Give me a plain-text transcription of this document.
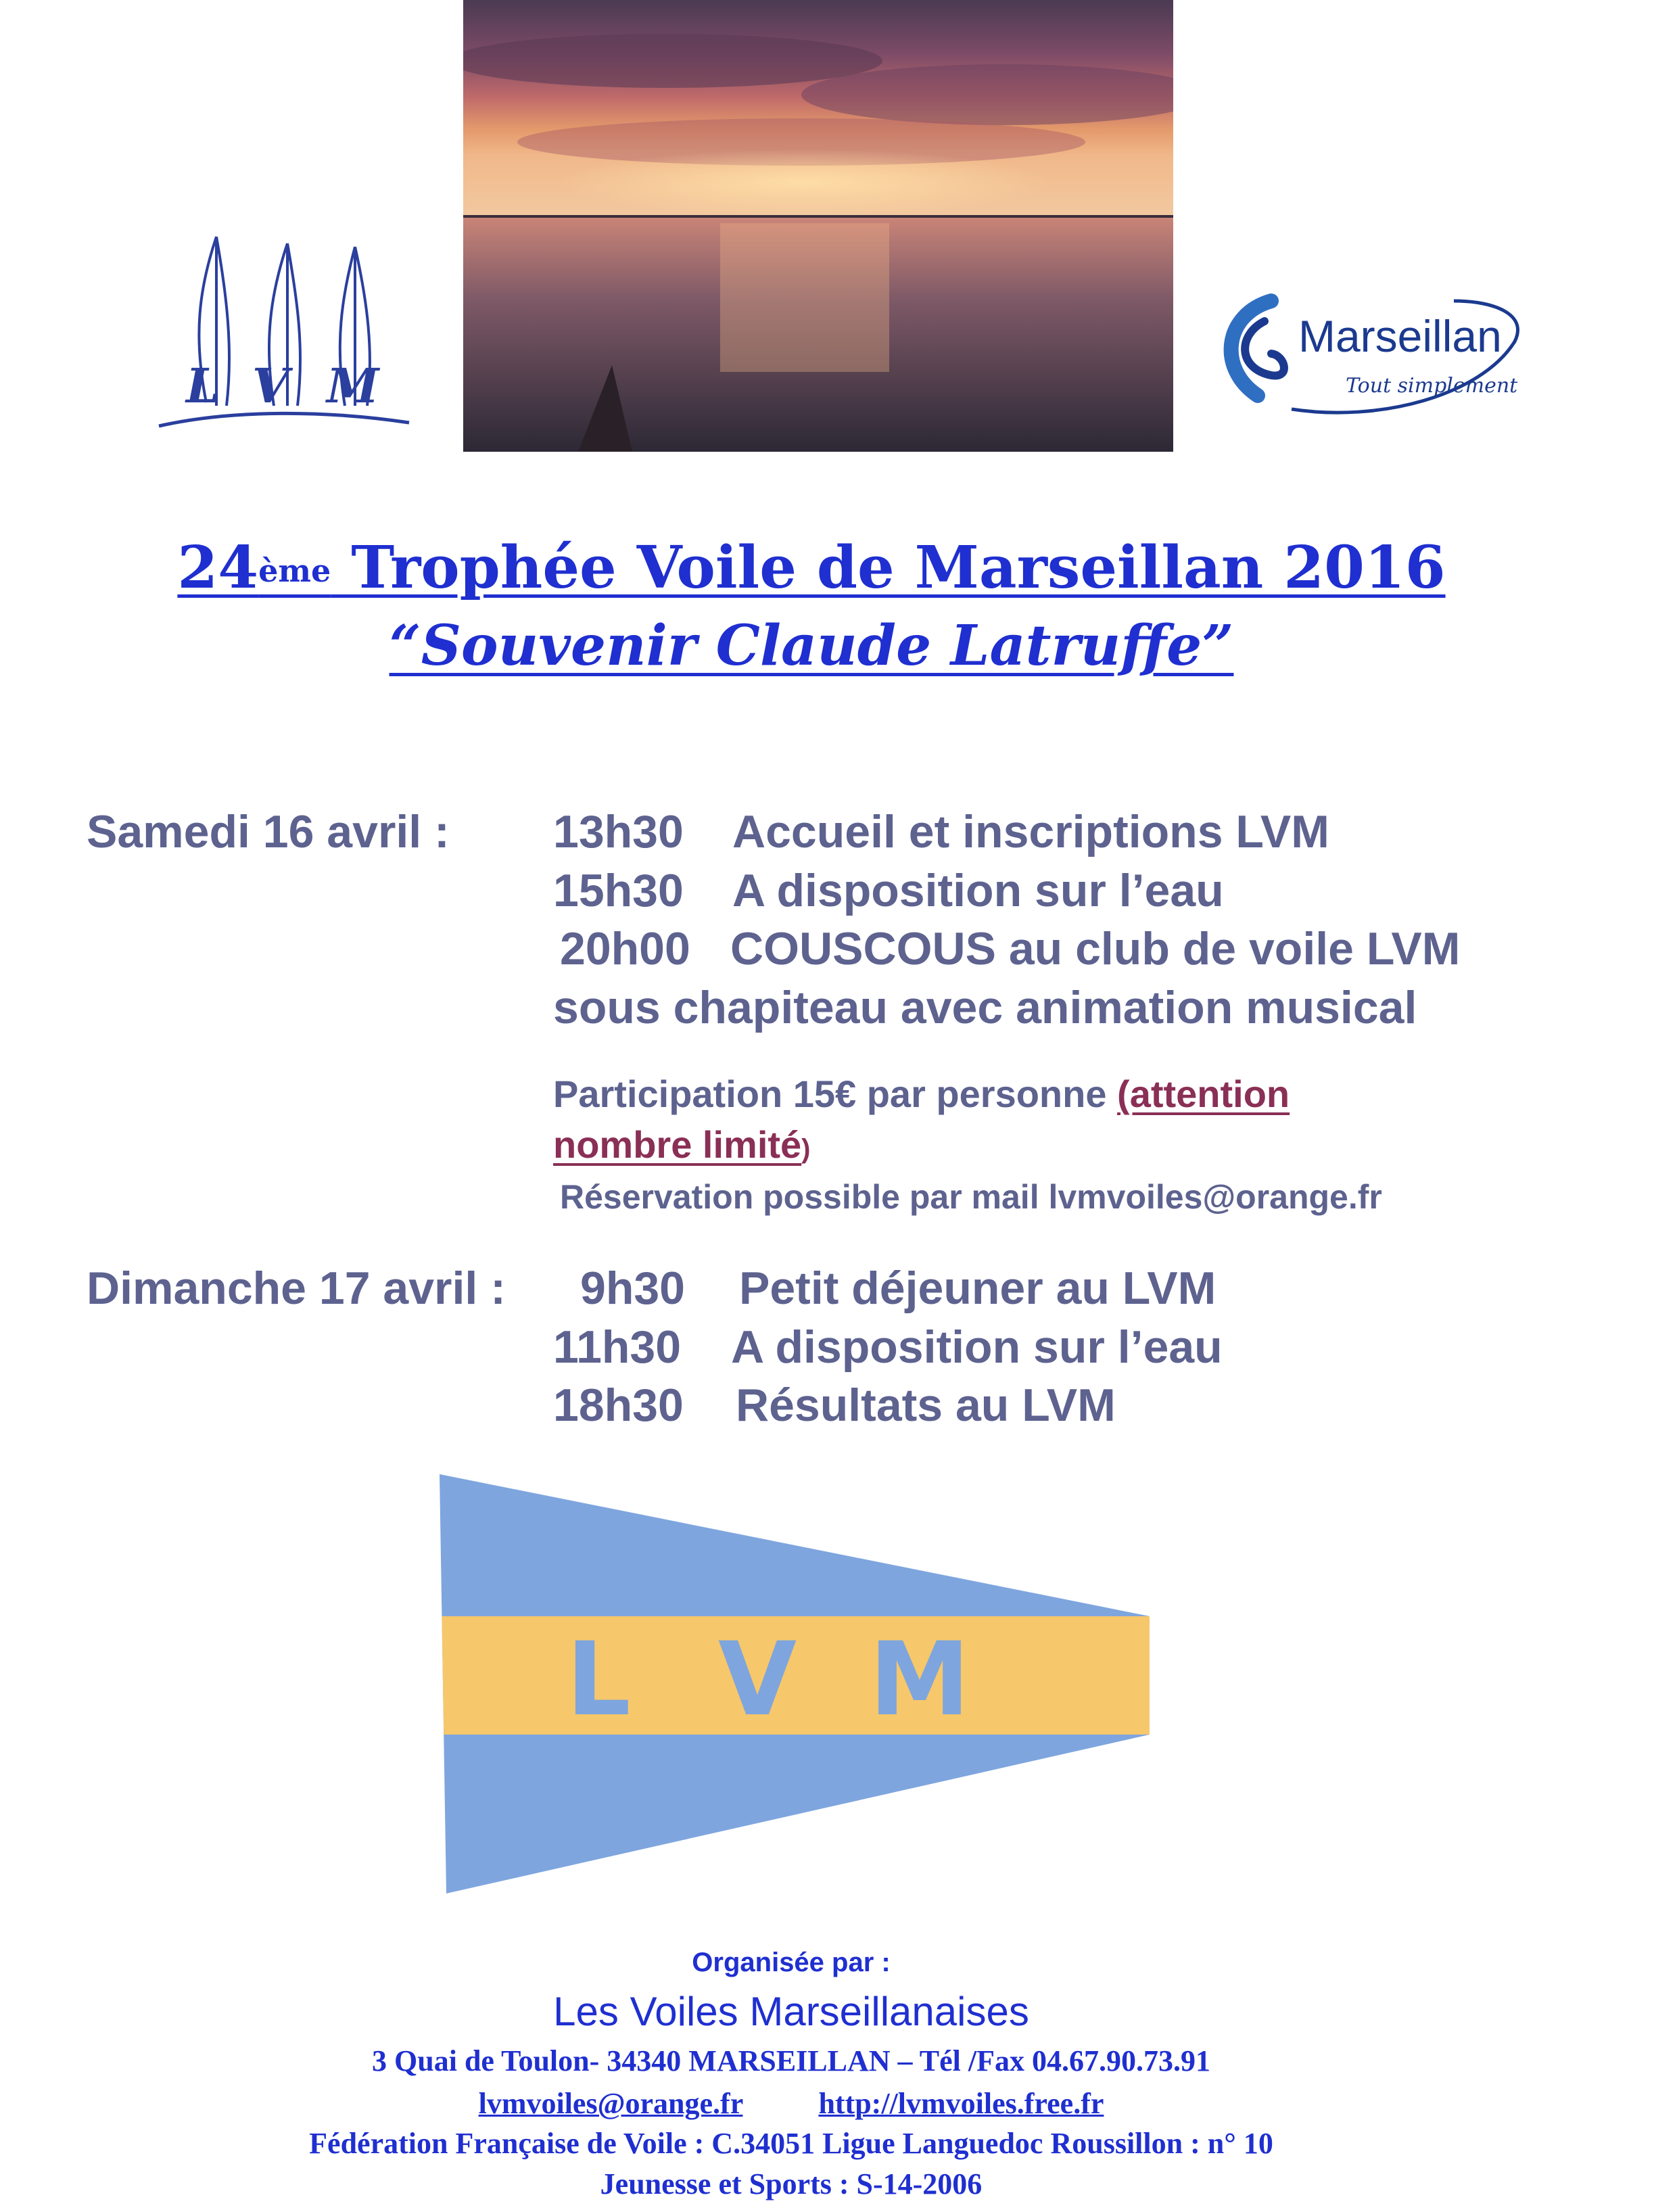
L V M
Marseillan
Tout simplement
24ème Trophée Voile de Marseillan 2016
“Souvenir Claude Latruffe”
Samedi 16 avril : 13h30 Accueil et inscriptions LVM
15h30 A disposition sur l’eau
20h00 COUSCOUS au club de voile LVM
sous chapiteau avec animation musical
Participation 15€ par personne (attention
nombre limité)
Réservation possible par mail lvmvoiles@orange.fr
Dimanche 17 avril : 9h30 Petit déjeuner au LVM
11h30 A disposition sur l’eau
18h30 Résultats au LVM
L V M
Organisée par :
Les Voiles Marseillanaises
3 Quai de Toulon- 34340 MARSEILLAN – Tél /Fax 04.67.90.73.91
lvmvoiles@orange.fr	http://lvmvoiles.free.fr
Fédération Française de Voile : C.34051 Ligue Languedoc Roussillon : n° 10
Jeunesse et Sports : S-14-2006
